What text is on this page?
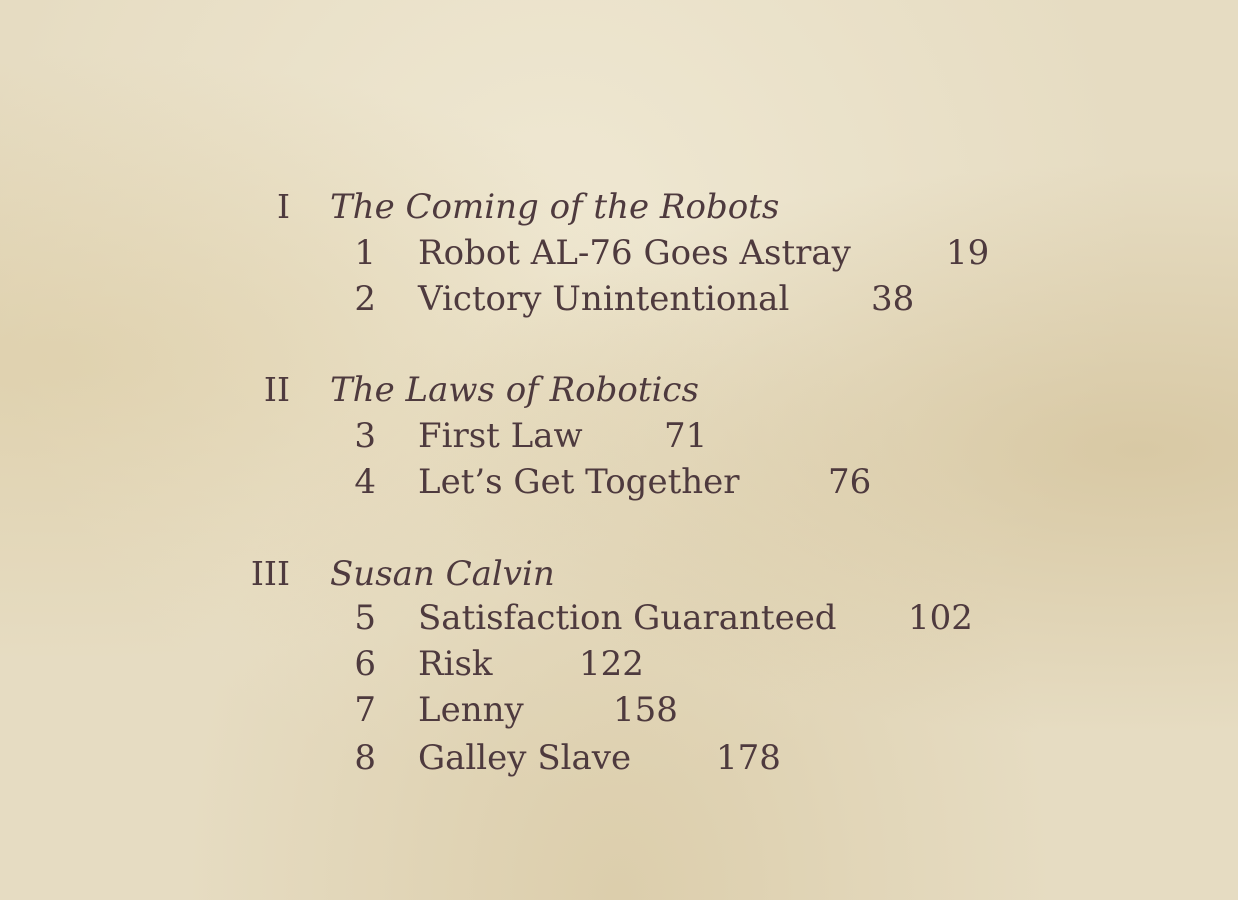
I The Coming of the Robots
1 Robot AL-76 Goes Astray	19
2 Victory Unintentional 38
II The Laws of Robotics
3 First Law 71
4 Let’s Get Together	76
III Susan Calvin
5 Satisfaction Guaranteed 102
6 Risk	122
7 Lenny	158
8 Galley Slave 178
